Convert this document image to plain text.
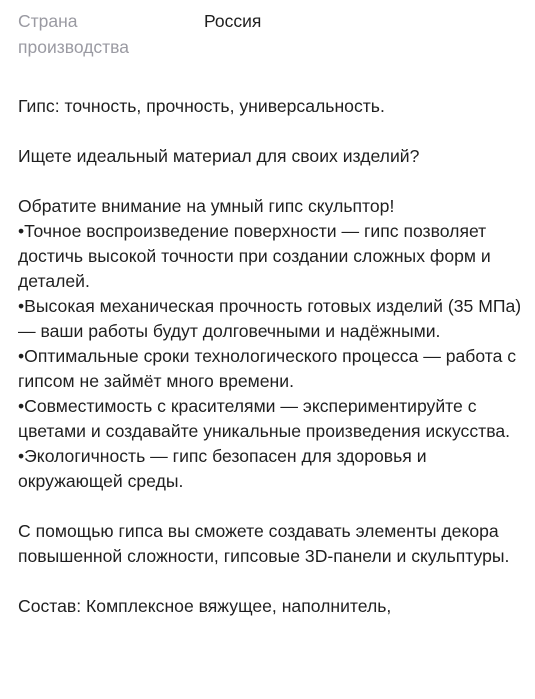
Страна производства
Россия

Гипс: точность, прочность, универсальность.

Ищете идеальный материал для своих изделий?

Обратите внимание на умный гипс скульптор!

•Точное воспроизведение поверхности — гипс позволяет достичь высокой точности при создании сложных форм и деталей.

•Высокая механическая прочность готовых изделий (35 МПа) — ваши работы будут долговечными и надёжными.

•Оптимальные сроки технологического процесса — работа с гипсом не займёт много времени.

•Совместимость с красителями — экспериментируйте с цветами и создавайте уникальные произведения искусства.

•Экологичность — гипс безопасен для здоровья и окружающей среды.

С помощью гипса вы сможете создавать элементы декора повышенной сложности, гипсовые 3D-панели и скульптуры.

Состав: Комплексное вяжущее, наполнитель,
